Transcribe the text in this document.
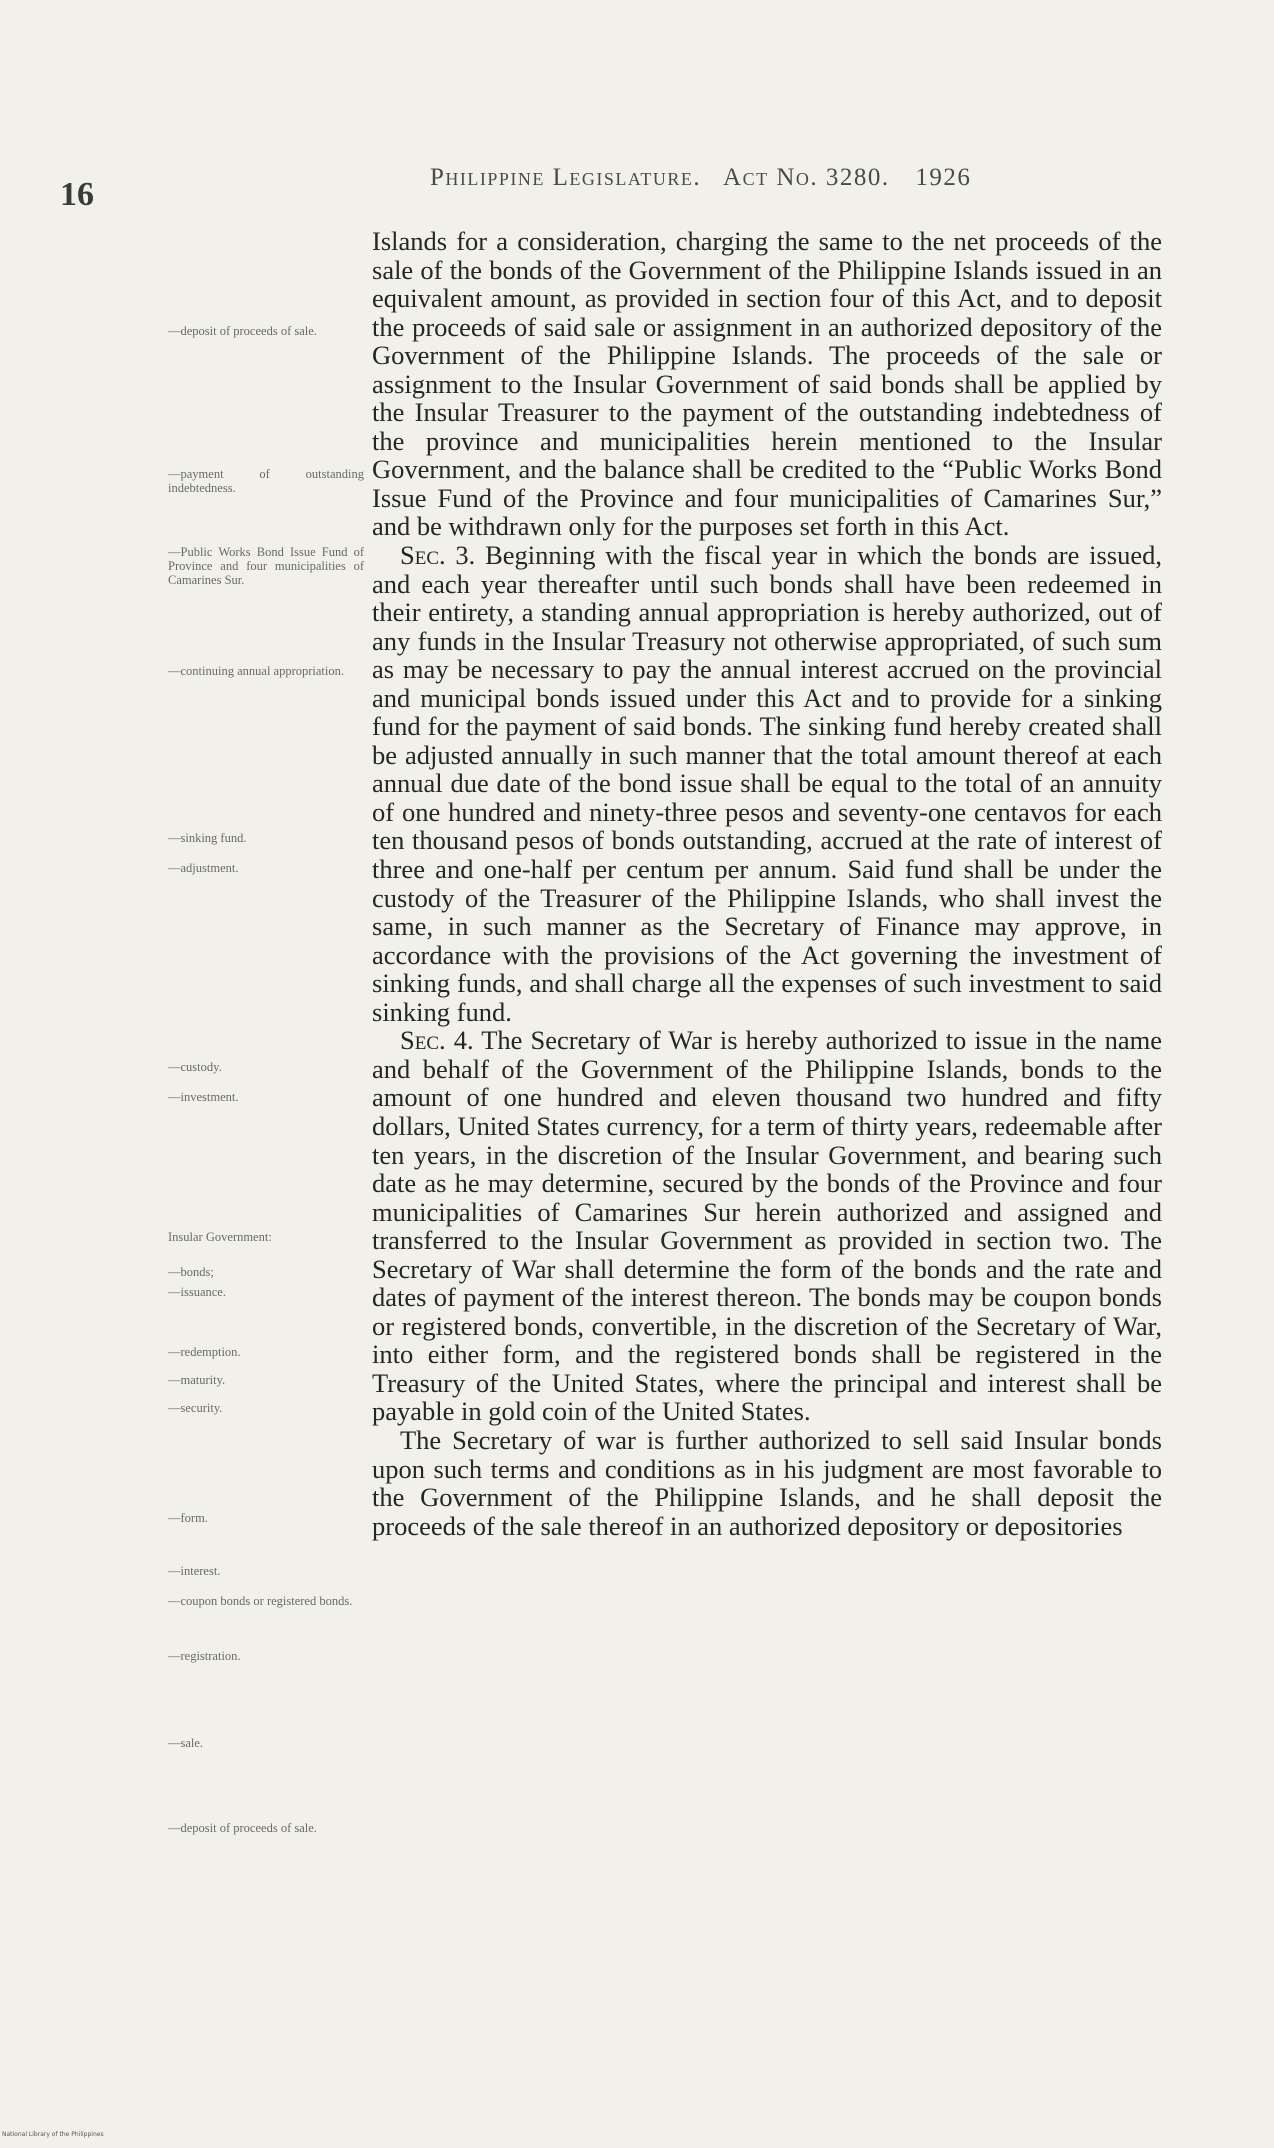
16	Philippine Legislature.   Act No. 3280. 1926

Islands for a consideration, charging the same to the net proceeds of the sale of the bonds of the Government of the Philippine Islands issued in an equivalent amount, as provided in section four of this Act, and to deposit the proceeds of said sale or assignment in an authorized depository of the Government of the Philippine Islands. The proceeds of the sale or assignment to the Insular Government of said bonds shall be applied by the Insular Treasurer to the payment of the outstanding indebtedness of the province and municipalities herein mentioned to the Insular Government, and the balance shall be credited to the “Public Works Bond Issue Fund of the Province and four municipalities of Camarines Sur,” and be withdrawn only for the purposes set forth in this Act.

Sec. 3. Beginning with the fiscal year in which the bonds are issued, and each year thereafter until such bonds shall have been redeemed in their entirety, a standing annual appropriation is hereby authorized, out of any funds in the Insular Treasury not otherwise appropriated, of such sum as may be necessary to pay the annual interest accrued on the provincial and municipal bonds issued under this Act and to provide for a sinking fund for the payment of said bonds. The sinking fund hereby created shall be adjusted annually in such manner that the total amount thereof at each annual due date of the bond issue shall be equal to the total of an annuity of one hundred and ninety-three pesos and seventy-one centavos for each ten thousand pesos of bonds outstanding, accrued at the rate of interest of three and one-half per centum per annum. Said fund shall be under the custody of the Treasurer of the Philippine Islands, who shall invest the same, in such manner as the Secretary of Finance may approve, in accordance with the provisions of the Act governing the investment of sinking funds, and shall charge all the expenses of such investment to said sinking fund.

Sec. 4. The Secretary of War is hereby authorized to issue in the name and behalf of the Government of the Philippine Islands, bonds to the amount of one hundred and eleven thousand two hundred and fifty dollars, United States currency, for a term of thirty years, redeemable after ten years, in the discretion of the Insular Government, and bearing such date as he may determine, secured by the bonds of the Province and four municipalities of Camarines Sur herein authorized and assigned and transferred to the Insular Government as provided in section two. The Secretary of War shall determine the form of the bonds and the rate and dates of payment of the interest thereon. The bonds may be coupon bonds or registered bonds, convertible, in the discretion of the Secretary of War, into either form, and the registered bonds shall be registered in the Treasury of the United States, where the principal and interest shall be payable in gold coin of the United States.

The Secretary of war is further authorized to sell said Insular bonds upon such terms and conditions as in his judgment are most favorable to the Government of the Philippine Islands, and he shall deposit the proceeds of the sale thereof in an authorized depository or depositories

—deposit of proceeds of sale.
—payment of outstanding indebtedness.
—Public Works Bond Issue Fund of Province and four municipalities of Camarines Sur.
—continuing annual appropriation.
—sinking fund.
—adjustment.
—custody.
—investment.
Insular Government:
—bonds;
—issuance.
—redemption.
—maturity.
—security.
—form.
—interest.
—coupon bonds or registered bonds.
—registration.
—sale.
—deposit of proceeds of sale.
National Library of the Philippines
